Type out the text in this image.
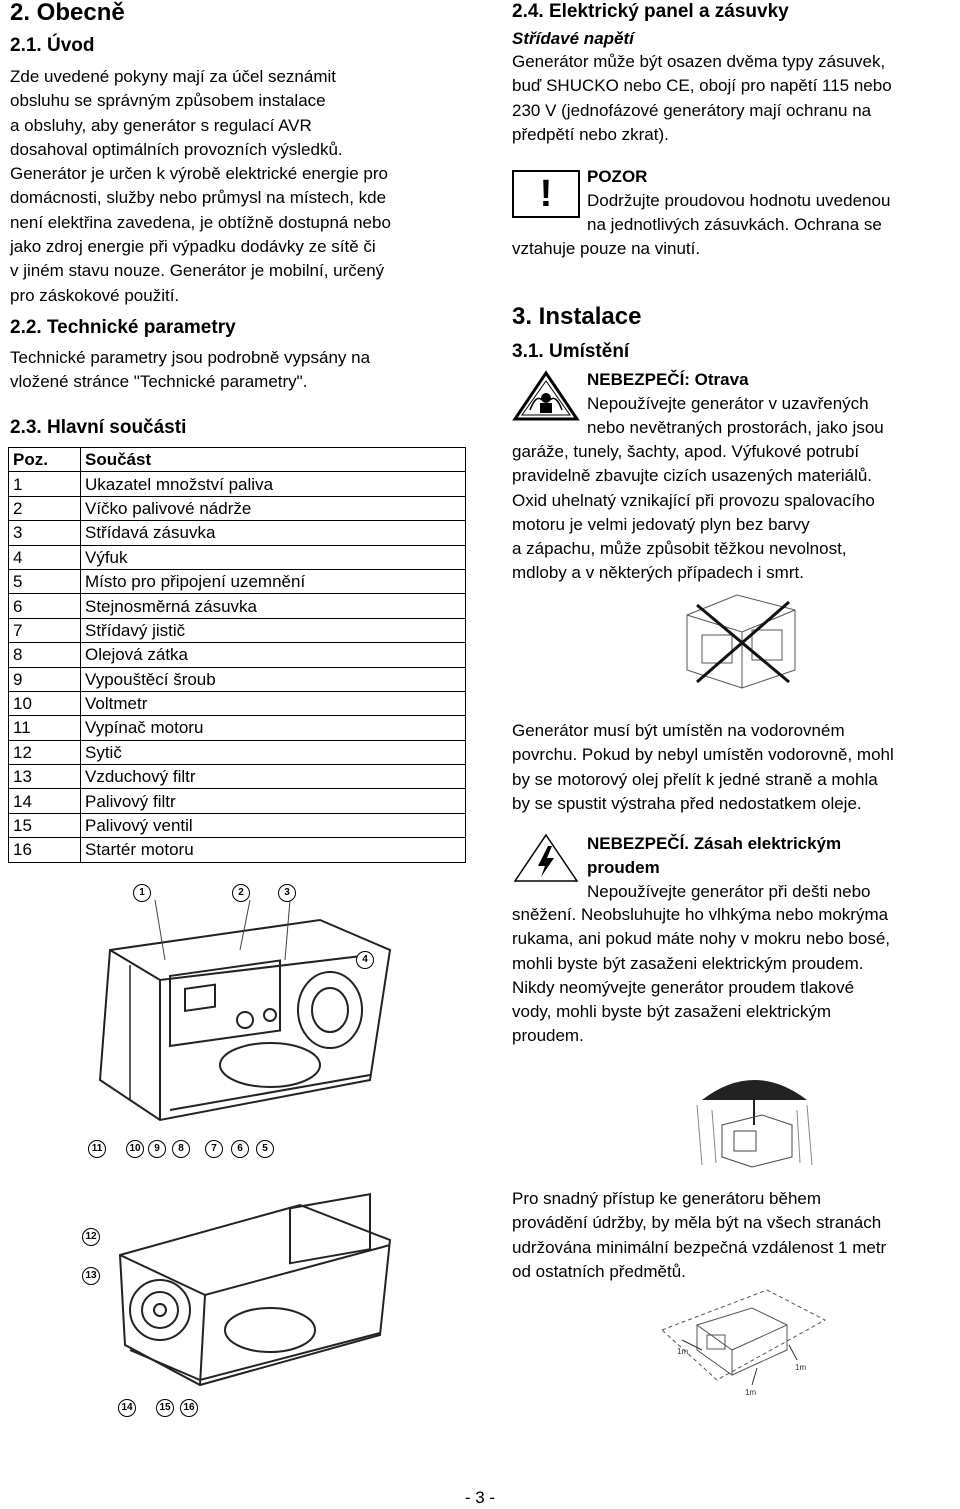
2. Obecně
2.1. Úvod

Zde uvedené pokyny mají za účel seznámit

obsluhu se správným způsobem instalace

a obsluhy, aby generátor s regulací AVR

dosahoval optimálních provozních výsledků.

Generátor je určen k výrobě elektrické energie pro

domácnosti, služby nebo průmysl na místech, kde

není elektřina zavedena, je obtížně dostupná nebo

jako zdroj energie při výpadku dodávky ze sítě či

v jiném stavu nouze. Generátor je mobilní, určený

pro záskokové použití.

2.2. Technické parametry

Technické parametry jsou podrobně vypsány na

vložené stránce "Technické parametry".

2.3. Hlavní součásti
Poz.	Součást
1	Ukazatel množství paliva
2	Víčko palivové nádrže
3	Střídavá zásuvka
4	Výfuk
5	Místo pro připojení uzemnění
6	Stejnosměrná zásuvka
7	Střídavý jistič
8	Olejová zátka
9	Vypouštěcí šroub
10	Voltmetr
11	Vypínač motoru
12	Sytič
13	Vzduchový filtr
14	Palivový filtr
15	Palivový ventil
16	Startér motoru
1	2	3
4
11	10	9	8	7	6	5
12
13
14	15	16
2.4. Elektrický panel a zásuvky
Střídavé napětí

Generátor může být osazen dvěma typy zásuvek,

buď SHUCKO nebo CE, obojí pro napětí 115 nebo

230 V (jednofázové generátory mají ochranu na

předpětí nebo zkrat).

!	POZOR

Dodržujte proudovou hodnotu uvedenou

na jednotlivých zásuvkách. Ochrana se

vztahuje pouze na vinutí.

3. Instalace
3.1. Umístění
NEBEZPEČÍ: Otrava

Nepoužívejte generátor v uzavřených

nebo nevětraných prostorách, jako jsou

garáže, tunely, šachty, apod. Výfukové potrubí

pravidelně zbavujte cizích usazených materiálů.

Oxid uhelnatý vznikající při provozu spalovacího

motoru je velmi jedovatý plyn bez barvy

a zápachu, může způsobit těžkou nevolnost,

mdloby a v některých případech i smrt.

Generátor musí být umístěn na vodorovném

povrchu. Pokud by nebyl umístěn vodorovně, mohl

by se motorový olej přelít k jedné straně a mohla

by se spustit výstraha před nedostatkem oleje.

NEBEZPEČÍ. Zásah elektrickým
proudem

Nepoužívejte generátor při dešti nebo

sněžení. Neobsluhujte ho vlhkýma nebo mokrýma

rukama, ani pokud máte nohy v mokru nebo bosé,

mohli byste být zasaženi elektrickým proudem.

Nikdy neomývejte generátor proudem tlakové

vody, mohli byste být zasaženi elektrickým

proudem.

Pro snadný přístup ke generátoru během

provádění údržby, by měla být na všech stranách

udržována minimální bezpečná vzdálenost 1 metr

od ostatních předmětů.

1m
1m
1m
- 3 -
